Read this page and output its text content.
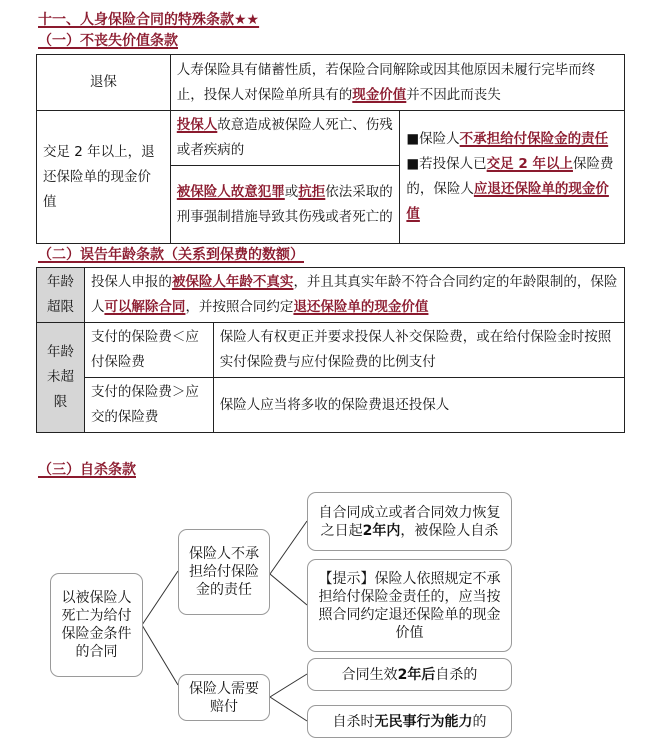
十一、人身保险合同的特殊条款★★
（一）不丧失价值条款
退保	人寿保险具有储蓄性质，若保险合同解除或因其他原因未履行完毕而终止，投保人对保险单所具有的现金价值并不因此而丧失	
交足 2 年以上，退还保险单的现金价值	投保人故意造成被保险人死亡、伤残或者疾病的	■保险人不承担给付保险金的责任
■若投保人已交足 2 年以上保险费的，保险人应退还保险单的现金价值
	被保险人故意犯罪或抗拒依法采取的刑事强制措施导致其伤残或者死亡的	
（二）误告年龄条款（关系到保费的数额）
年龄超限	投保人申报的被保险人年龄不真实，并且其真实年龄不符合合同约定的年龄限制的，保险人可以解除合同，并按照合同约定退还保险单的现金价值	
年龄未超限	支付的保险费＜应付保险费	保险人有权更正并要求投保人补交保险费，或在给付保险金时按照实付保险费与应付保险费的比例支付
	支付的保险费＞应交的保险费	保险人应当将多收的保险费退还投保人
（三）自杀条款
以被保险人死亡为给付保险金条件的合同
保险人不承担给付保险金的责任
自合同成立或者合同效力恢复之日起2年内，被保险人自杀
【提示】保险人依照规定不承担给付保险金责任的，应当按照合同约定退还保险单的现金价值
保险人需要赔付
合同生效2年后自杀的
自杀时无民事行为能力的
